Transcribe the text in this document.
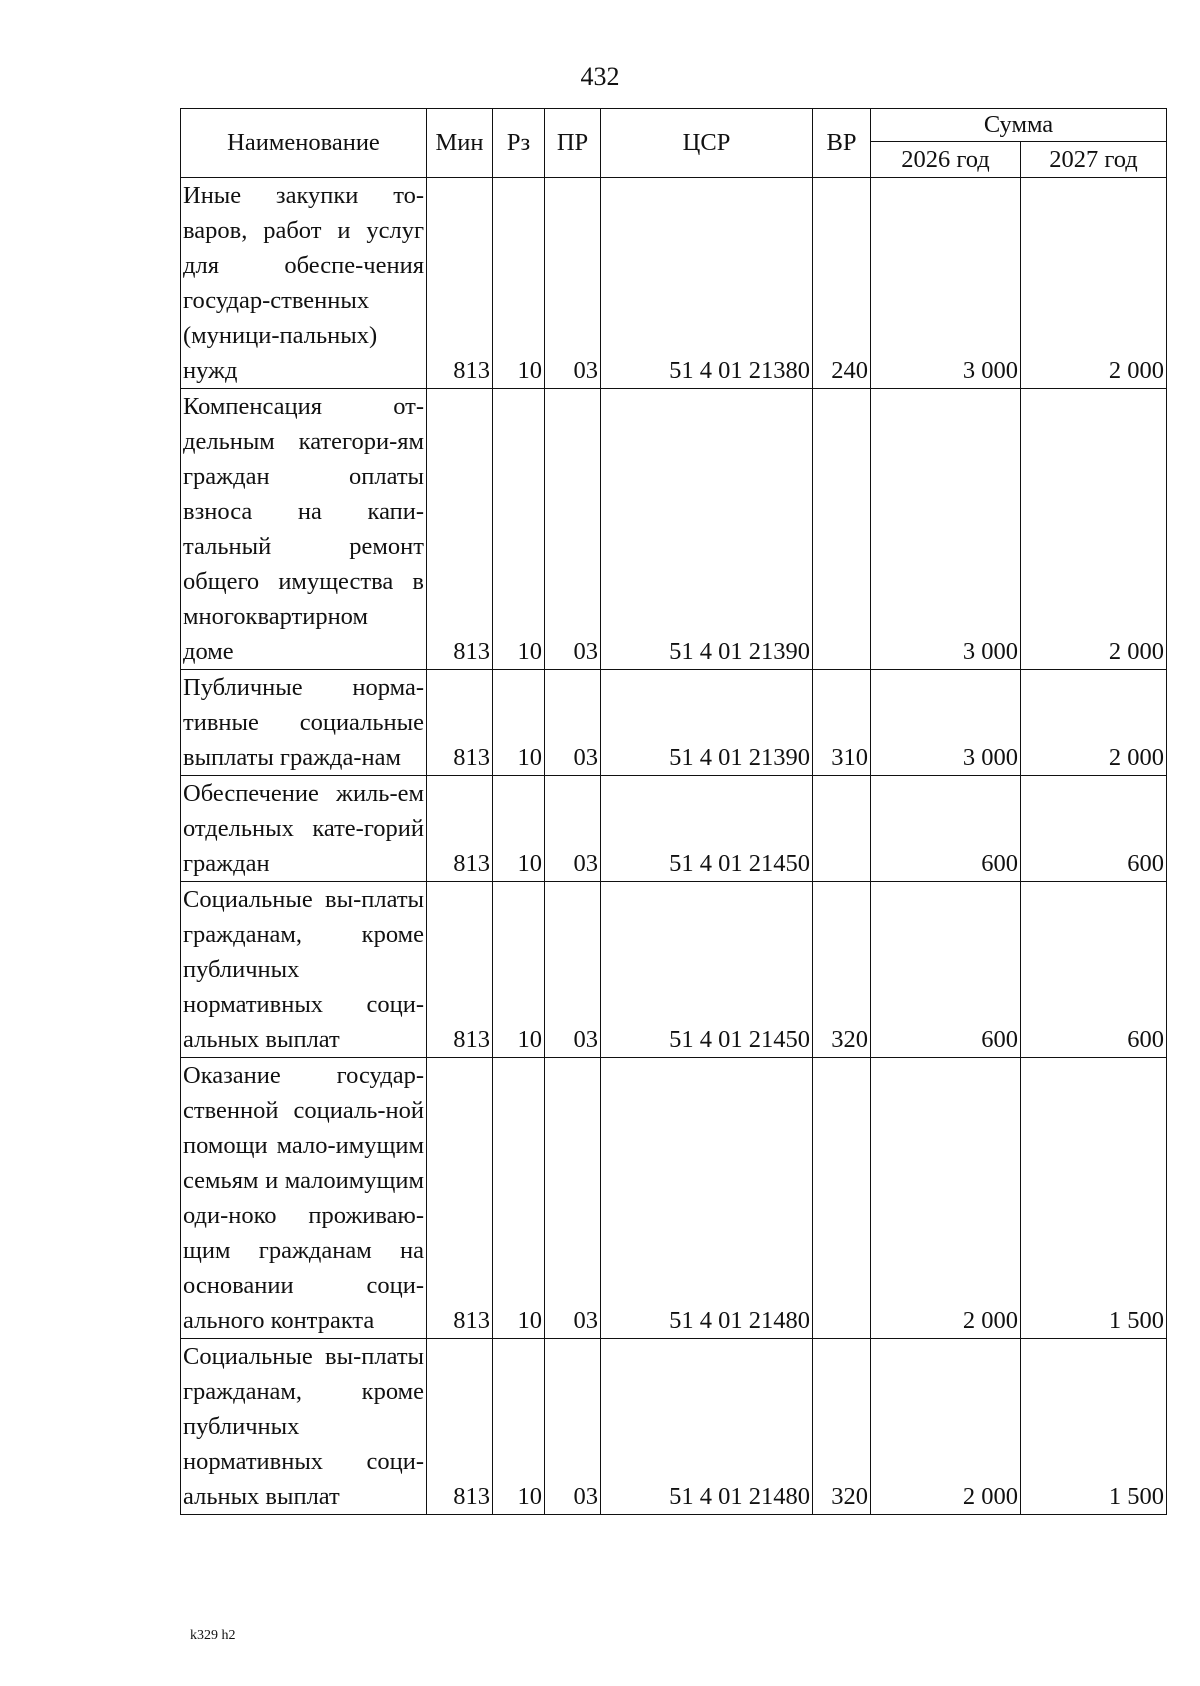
432
Наименование	Мин	Рз	ПР	ЦСР	ВР	Сумма	
						2026 год	2027 год
Иные закупки то-варов, работ и услуг для обеспе-чения государ-ственных (муници-пальных) нужд	813	10	03	51 4 01 21380	240	3 000	2 000
Компенсация от-дельным категори-ям граждан оплаты взноса на капи-тальный ремонт общего имущества в многоквартирном доме	813	10	03	51 4 01 21390		3 000	2 000
Публичные норма-тивные социальные выплаты гражда-нам	813	10	03	51 4 01 21390	310	3 000	2 000
Обеспечение жиль-ем отдельных кате-горий граждан	813	10	03	51 4 01 21450		600	600
Социальные вы-платы гражданам, кроме публичных нормативных соци-альных выплат	813	10	03	51 4 01 21450	320	600	600
Оказание государ-ственной социаль-ной помощи мало-имущим семьям и малоимущим оди-ноко проживаю-щим гражданам на основании соци-ального контракта	813	10	03	51 4 01 21480		2 000	1 500
Социальные вы-платы гражданам, кроме публичных нормативных соци-альных выплат	813	10	03	51 4 01 21480	320	2 000	1 500
k329 h2
